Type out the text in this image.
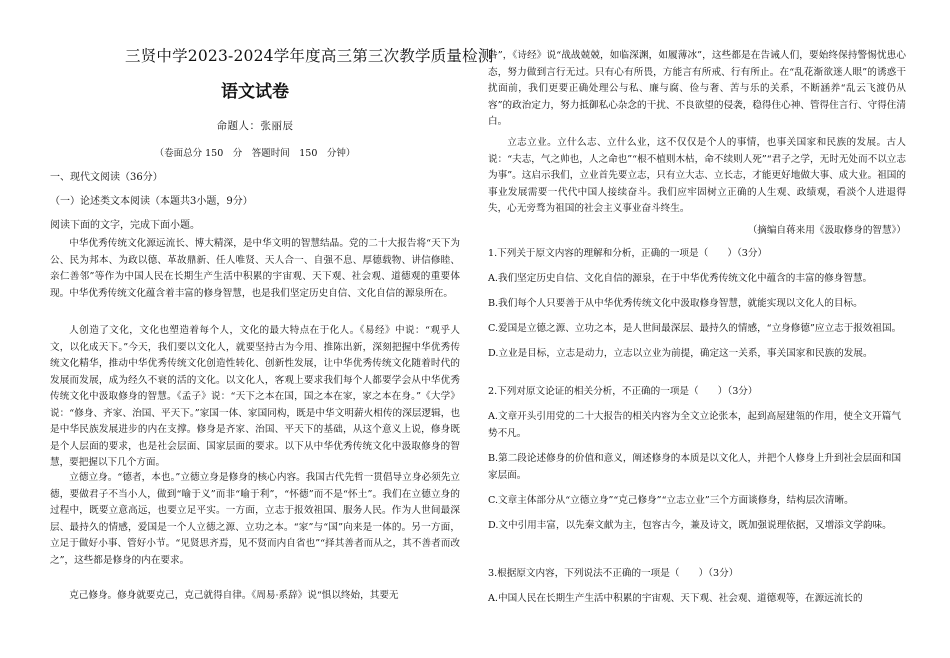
三贤中学2023-2024学年度高三第三次教学质量检测
语文试卷
命题人：张丽辰
（卷面总分 150　分　答题时间　150　分钟）
一、现代文阅读（36分）
（一）论述类文本阅读（本题共3小题，9分）
阅读下面的文字，完成下面小题。

中华优秀传统文化源远流长、博大精深，是中华文明的智慧结晶。党的二十大报告将“天下为公、民为邦本、为政以德、革故鼎新、任人唯贤、天人合一、自强不息、厚德载物、讲信修睦、亲仁善邻”等作为中国人民在长期生产生活中积累的宇宙观、天下观、社会观、道德观的重要体现。中华优秀传统文化蕴含着丰富的修身智慧，也是我们坚定历史自信、文化自信的源泉所在。

人创造了文化，文化也塑造着每个人，文化的最大特点在于化人。《易经》中说：“观乎人文，以化成天下。”今天，我们要以文化人，就要坚持古为今用、推陈出新，深刻把握中华优秀传统文化精华，推动中华优秀传统文化创造性转化、创新性发展，让中华优秀传统文化随着时代的发展而发展，成为经久不衰的活的文化。以文化人，客观上要求我们每个人都要学会从中华优秀传统文化中汲取修身的智慧。《孟子》说：“天下之本在国，国之本在家，家之本在身。”《大学》说：“修身、齐家、治国、平天下。”家国一体、家国同构，既是中华文明薪火相传的深层逻辑，也是中华民族发展进步的内在支撑。修身是齐家、治国、平天下的基础，从这个意义上说，修身既是个人层面的要求，也是社会层面、国家层面的要求。以下从中华优秀传统文化中汲取修身的智慧，要把握以下几个方面。

立德立身。“德者，本也。”立德立身是修身的核心内容。我国古代先哲一贯倡导立身必须先立德，要做君子不当小人，做到“喻于义”而非“喻于利”，“怀德”而不是“怀土”。我们在立德立身的过程中，既要立意高远，也要立足平实。一方面，立志于报效祖国、服务人民。作为人世间最深层、最持久的情感，爱国是一个人立德之源、立功之本。“家”与“国”向来是一体的。另一方面，立足于做好小事、管好小节。“见贤思齐焉，见不贤而内自省也”“择其善者而从之，其不善者而改之”，这些都是修身的内在要求。

克己修身。修身就要克己，克己就得自律。《周易·系辞》说“惧以终始，其要无

咎”，《诗经》说“战战兢兢，如临深渊，如履薄冰”，这些都是在告诫人们，要始终保持警惕忧患心态，努力做到言行无过。只有心有所畏，方能言有所戒、行有所止。在“乱花渐欲迷人眼”的诱惑干扰面前，我们更要正确处理公与私、廉与腐、俭与奢、苦与乐的关系，不断涵养“乱云飞渡仍从容”的政治定力，努力抵御私心杂念的干扰、不良欲望的侵袭，稳得住心神、管得住言行、守得住清白。

立志立业。立什么志、立什么业，这不仅仅是个人的事情，也事关国家和民族的发展。古人说：“夫志，气之帅也，人之命也”“根不植则木枯，命不续则人死”“君子之学，无时无处而不以立志为事”。这启示我们，立业首先要立志，只有立大志、立长志，才能更好地做大事、成大业。祖国的事业发展需要一代代中国人接续奋斗。我们应牢固树立正确的人生观、政绩观，看淡个人进退得失，心无旁骛为祖国的社会主义事业奋斗终生。

（摘编自蒋来用《汲取修身的智慧》）

1.下列关于原文内容的理解和分析，正确的一项是（　　）（3分）

A.我们坚定历史自信、文化自信的源泉，在于中华优秀传统文化中蕴含的丰富的修身智慧。

B.我们每个人只要善于从中华优秀传统文化中汲取修身智慧，就能实现以文化人的目标。

C.爱国是立德之源、立功之本，是人世间最深层、最持久的情感，“立身修德”应立志于报效祖国。

D.立业是目标，立志是动力，立志以立业为前提，确定这一关系，事关国家和民族的发展。

2.下列对原文论证的相关分析，不正确的一项是（　　）（3分）

A.文章开头引用党的二十大报告的相关内容为全文立论张本，起到高屋建瓴的作用，使全文开篇气势不凡。

B.第二段论述修身的价值和意义，阐述修身的本质是以文化人，并把个人修身上升到社会层面和国家层面。

C.文章主体部分从“立德立身”“克己修身”“立志立业”三个方面谈修身，结构层次清晰。

D.文中引用丰富，以先秦文献为主，包容古今，兼及诗文，既加强说理依据，又增添文学韵味。

3.根据原文内容，下列说法不正确的一项是（　　）（3分）

A.中国人民在长期生产生活中积累的宇宙观、天下观、社会观、道德观等，在源远流长的
